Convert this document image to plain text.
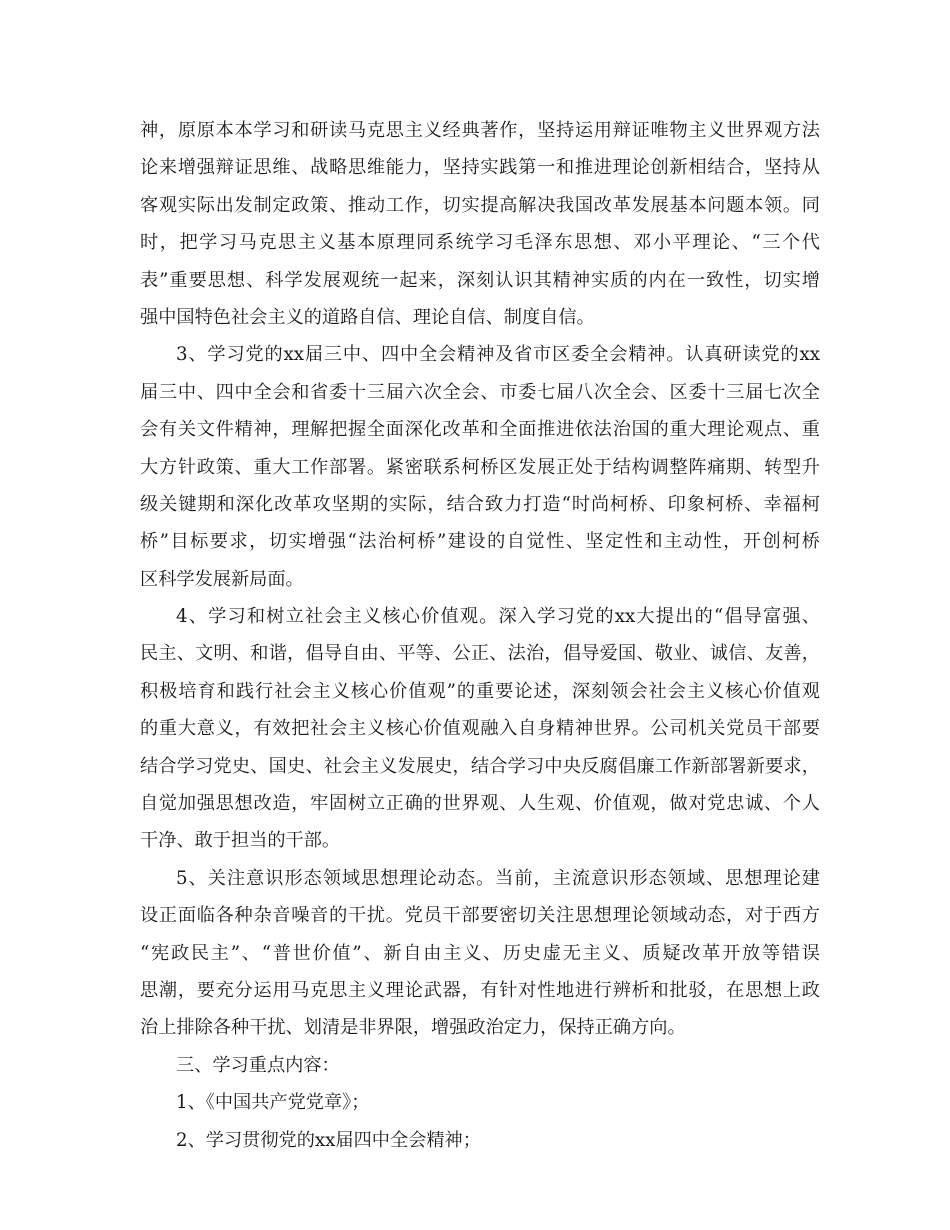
神，原原本本学习和研读马克思主义经典著作，坚持运用辩证唯物主义世界观方法
论来增强辩证思维、战略思维能力，坚持实践第一和推进理论创新相结合，坚持从
客观实际出发制定政策、推动工作，切实提高解决我国改革发展基本问题本领。同
时，把学习马克思主义基本原理同系统学习毛泽东思想、邓小平理论、“三个代
表”重要思想、科学发展观统一起来，深刻认识其精神实质的内在一致性，切实增
强中国特色社会主义的道路自信、理论自信、制度自信。
3、学习党的xx届三中、四中全会精神及省市区委全会精神。认真研读党的xx
届三中、四中全会和省委十三届六次全会、市委七届八次全会、区委十三届七次全
会有关文件精神，理解把握全面深化改革和全面推进依法治国的重大理论观点、重
大方针政策、重大工作部署。紧密联系柯桥区发展正处于结构调整阵痛期、转型升
级关键期和深化改革攻坚期的实际，结合致力打造“时尚柯桥、印象柯桥、幸福柯
桥”目标要求，切实增强“法治柯桥”建设的自觉性、坚定性和主动性，开创柯桥
区科学发展新局面。
4、学习和树立社会主义核心价值观。深入学习党的xx大提出的“倡导富强、
民主、文明、和谐，倡导自由、平等、公正、法治，倡导爱国、敬业、诚信、友善，
积极培育和践行社会主义核心价值观”的重要论述，深刻领会社会主义核心价值观
的重大意义，有效把社会主义核心价值观融入自身精神世界。公司机关党员干部要
结合学习党史、国史、社会主义发展史，结合学习中央反腐倡廉工作新部署新要求，
自觉加强思想改造，牢固树立正确的世界观、人生观、价值观，做对党忠诚、个人
干净、敢于担当的干部。
5、关注意识形态领域思想理论动态。当前，主流意识形态领域、思想理论建
设正面临各种杂音噪音的干扰。党员干部要密切关注思想理论领域动态，对于西方
“宪政民主”、“普世价值”、新自由主义、历史虚无主义、质疑改革开放等错误
思潮，要充分运用马克思主义理论武器，有针对性地进行辨析和批驳，在思想上政
治上排除各种干扰、划清是非界限，增强政治定力，保持正确方向。
三、学习重点内容：
1、《中国共产党党章》；
2、学习贯彻党的xx届四中全会精神；
